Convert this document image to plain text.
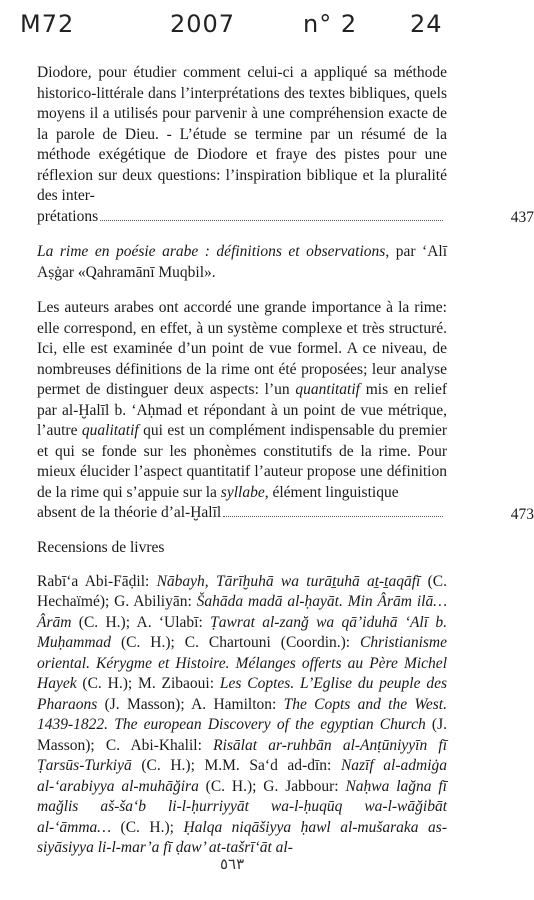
M72	2007	n° 2 24
Diodore, pour étudier comment celui-ci a appliqué sa méthode historico-littérale dans l’interprétations des textes bibliques, quels moyens il a utilisés pour parvenir à une compréhension exacte de la parole de Dieu. - L’étude se termine par un résumé de la méthode exégétique de Diodore et fraye des pistes pour une réflexion sur deux questions: l’inspiration biblique et la pluralité des inter-
prétations	437
La rime en poésie arabe : définitions et observations, par ‘Alī Aṣġar «Qahramānī Muqbil».
Les auteurs arabes ont accordé une grande importance à la rime: elle correspond, en effet, à un système complexe et très structuré. Ici, elle est examinée d’un point de vue formel. A ce niveau, de nombreuses définitions de la rime ont été proposées; leur analyse permet de distinguer deux aspects: l’un quantitatif mis en relief par al-Ḫalīl b. ‘Aḥmad et répondant à un point de vue métrique, l’autre qualitatif qui est un complément indispensable du premier et qui se fonde sur les phonèmes constitutifs de la rime. Pour mieux élucider l’aspect quantitatif l’auteur propose une définition de la rime qui s’appuie sur la syllabe, élément linguistique
absent de la théorie d’al-Ḫalīl	473
Recensions de livres
Rabī‘a Abi-Fāḍil: Nābayh, Tārīḫuhā wa turāṯuhā aṯ-ṯaqāfī (C. Hechaïmé); G. Abiliyān: Šahāda madā al-ḥayāt. Min Ârām ilā… Ârām (C. H.); A. ‘Ulabī: Ṭawrat al-zanğ wa qā’iduhā ‘Alī b. Muḥammad (C. H.); C. Chartouni (Coordin.): Christianisme oriental. Kérygme et Histoire. Mélanges offerts au Père Michel Hayek (C. H.); M. Zibaoui: Les Coptes. L’Eglise du peuple des Pharaons (J. Masson); A. Hamilton: The Copts and the West. 1439-1822. The european Discovery of the egyptian Church (J. Masson); C. Abi-Khalil: Risālat ar-ruhbān al-Anṭūniyyīn fī Ṭarsūs-Turkiyā (C. H.); M.M. Sa‘d ad-dīn: Nazīf al-admiġa al-‘arabiyya al-muhāğira (C. H.); G. Jabbour: Naḥwa lağna fī mağlis aš-ša‘b li-l-ḥurriyyāt wa-l-ḥuqūq wa-l-wāğibāt al-‘āmma… (C. H.); Ḥalqa niqāšiyya ḥawl al-mušaraka as-siyāsiyya li-l-mar’a fī ḍaw’ at-tašrī‘āt al-
٥٦٣
